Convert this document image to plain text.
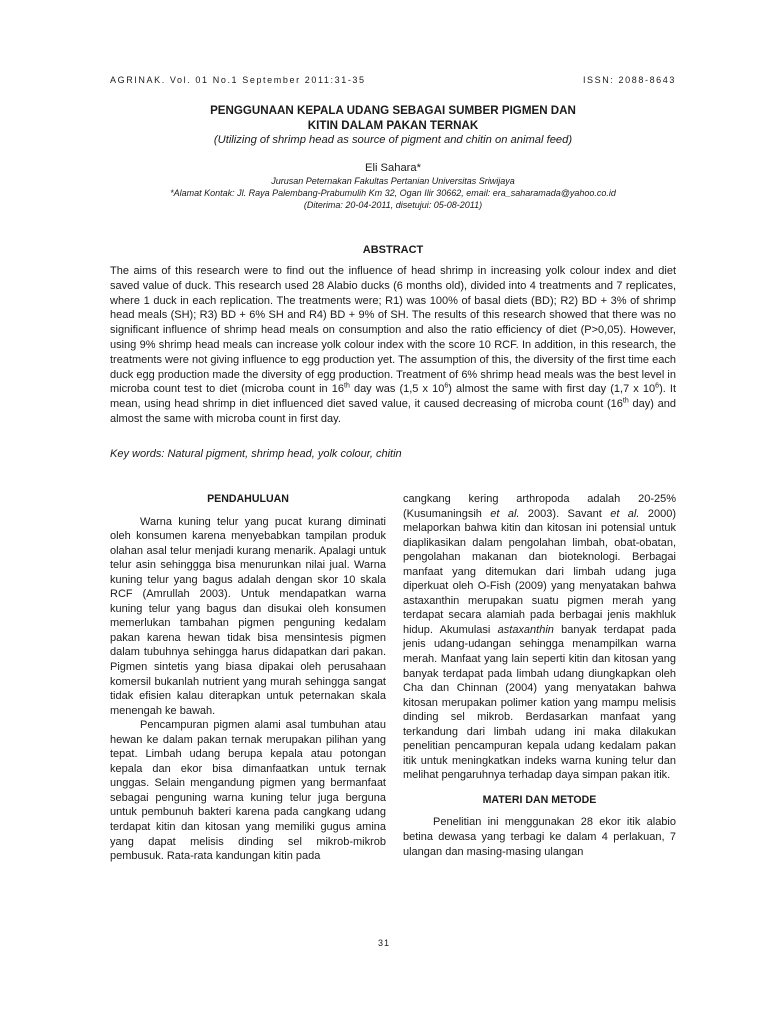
AGRINAK. Vol. 01 No.1 September 2011:31-35	ISSN: 2088-8643
PENGGUNAAN KEPALA UDANG SEBAGAI SUMBER PIGMEN DAN
KITIN DALAM PAKAN TERNAK
(Utilizing of shrimp head as source of pigment and chitin on animal feed)
Eli Sahara*
Jurusan Peternakan Fakultas Pertanian Universitas Sriwijaya
*Alamat Kontak: Jl. Raya Palembang-Prabumulih Km 32, Ogan Ilir 30662, email: era_saharamada@yahoo.co.id
(Diterima: 20-04-2011, disetujui: 05-08-2011)
ABSTRACT

The aims of this research were to find out the influence of head shrimp in increasing yolk colour index and diet saved value of duck. This research used 28 Alabio ducks (6 months old), divided into 4 treatments and 7 replicates, where 1 duck in each replication. The treatments were; R1) was 100% of basal diets (BD); R2) BD + 3% of shrimp head meals (SH); R3) BD + 6% SH and R4) BD + 9% of SH. The results of this research showed that there was no significant influence of shrimp head meals on consumption and also the ratio efficiency of diet (P>0,05). However, using 9% shrimp head meals can increase yolk colour index with the score 10 RCF. In addition, in this research, the treatments were not giving influence to egg production yet. The assumption of this, the diversity of the first time each duck egg production made the diversity of egg production. Treatment of 6% shrimp head meals was the best level in microba count test to diet (microba count in 16th day was (1,5 x $10^6$) almost the same with first day (1,7 x $10^6$). It mean, using head shrimp in diet influenced diet saved value, it caused decreasing of microba count (16th day) and almost the same with microba count in first day.

Key words: Natural pigment, shrimp head, yolk colour, chitin
PENDAHULUAN

Warna kuning telur yang pucat kurang diminati oleh konsumen karena menyebabkan tampilan produk olahan asal telur menjadi kurang menarik. Apalagi untuk telur asin sehinggga bisa menurunkan nilai jual. Warna kuning telur yang bagus adalah dengan skor 10 skala RCF (Amrullah 2003). Untuk mendapatkan warna kuning telur yang bagus dan disukai oleh konsumen memerlukan tambahan pigmen penguning kedalam pakan karena hewan tidak bisa mensintesis pigmen dalam tubuhnya sehingga harus didapatkan dari pakan. Pigmen sintetis yang biasa dipakai oleh perusahaan komersil bukanlah nutrient yang murah sehingga sangat tidak efisien kalau diterapkan untuk peternakan skala menengah ke bawah.

Pencampuran pigmen alami asal tumbuhan atau hewan ke dalam pakan ternak merupakan pilihan yang tepat. Limbah udang berupa kepala atau potongan kepala dan ekor bisa dimanfaatkan untuk ternak unggas. Selain mengandung pigmen yang bermanfaat sebagai penguning warna kuning telur juga berguna untuk pembunuh bakteri karena pada cangkang udang terdapat kitin dan kitosan yang memiliki gugus amina yang dapat melisis dinding sel mikrob-mikrob pembusuk. Rata-rata kandungan kitin pada

cangkang kering arthropoda adalah 20-25% (Kusumaningsih et al. 2003). Savant et al. 2000) melaporkan bahwa kitin dan kitosan ini potensial untuk diaplikasikan dalam pengolahan limbah, obat-obatan, pengolahan makanan dan bioteknologi. Berbagai manfaat yang ditemukan dari limbah udang juga diperkuat oleh O-Fish (2009) yang menyatakan bahwa astaxanthin merupakan suatu pigmen merah yang terdapat secara alamiah pada berbagai jenis makhluk hidup. Akumulasi astaxanthin banyak terdapat pada jenis udang-udangan sehingga menampilkan warna merah. Manfaat yang lain seperti kitin dan kitosan yang banyak terdapat pada limbah udang diungkapkan oleh Cha dan Chinnan (2004) yang menyatakan bahwa kitosan merupakan polimer kation yang mampu melisis dinding sel mikrob. Berdasarkan manfaat yang terkandung dari limbah udang ini maka dilakukan penelitian pencampuran kepala udang kedalam pakan itik untuk meningkatkan indeks warna kuning telur dan melihat pengaruhnya terhadap daya simpan pakan itik.

MATERI DAN METODE

Penelitian ini menggunakan 28 ekor itik alabio betina dewasa yang terbagi ke dalam 4 perlakuan, 7 ulangan dan masing-masing ulangan

31
